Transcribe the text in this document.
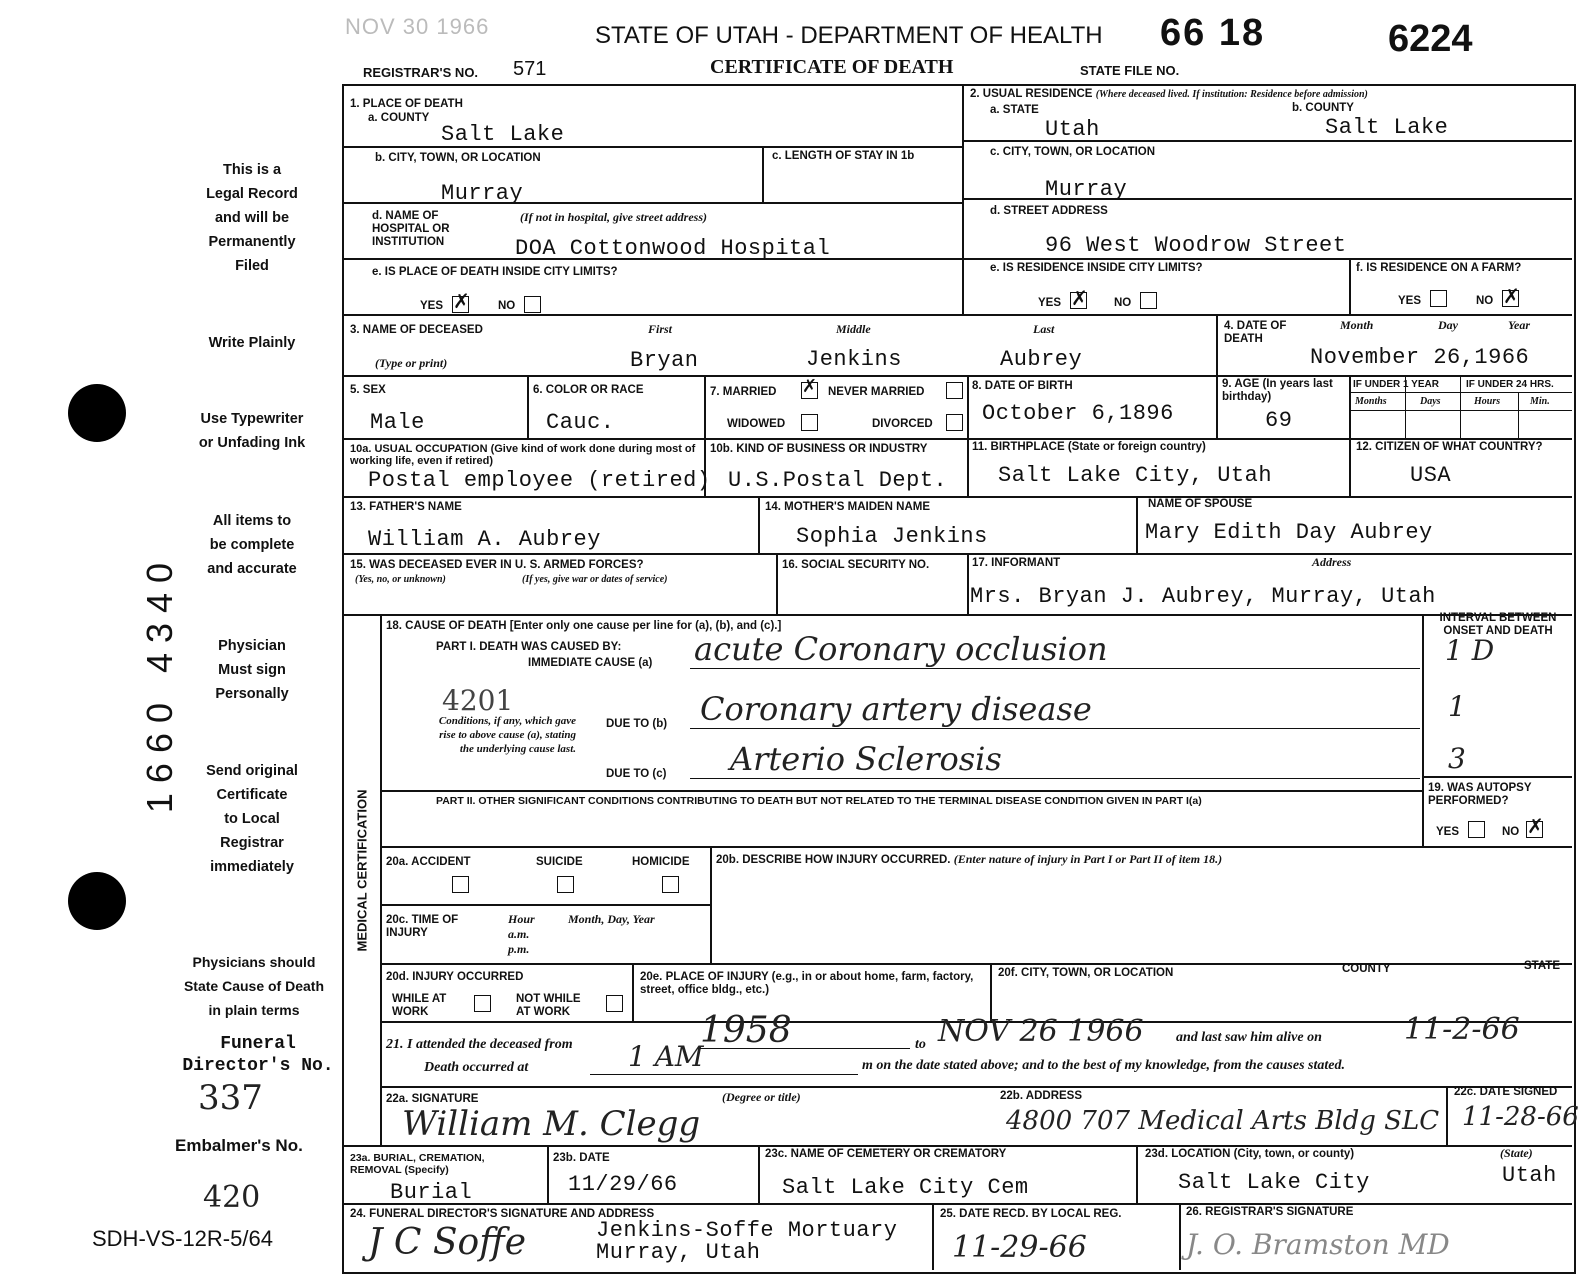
NOV 30 1966	STATE OF UTAH - DEPARTMENT OF HEALTH 66 18	6224
REGISTRAR'S NO. 571	CERTIFICATE OF DEATH	STATE FILE NO.
This is a
Legal Record
and will be
Permanently
Filed
Write Plainly
Use Typewriter
or Unfading Ink
All items to
be complete
and accurate
Physician
Must sign
Personally
Send original
Certificate
to Local
Registrar
immediately
Physicians should
State Cause of Death
in plain terms
Funeral
Director's No.
337
Embalmer's No.
420
SDH-VS-12R-5/64
1660 4340
1. PLACE OF DEATH
a. COUNTY
Salt Lake
2. USUAL RESIDENCE (Where deceased lived. If institution: Residence before admission)
a. STATE	b. COUNTY
Utah	Salt Lake
b. CITY, TOWN, OR LOCATION
Murray
c. LENGTH OF STAY IN 1b	c. CITY, TOWN, OR LOCATION
Murray
d. NAME OF HOSPITAL OR INSTITUTION
(If not in hospital, give street address)
DOA Cottonwood Hospital
d. STREET ADDRESS
96 West Woodrow Street
e. IS PLACE OF DEATH INSIDE CITY LIMITS?
YES ✗ NO
e. IS RESIDENCE INSIDE CITY LIMITS?
YES ✗ NO
f. IS RESIDENCE ON A FARM?
YES	NO ✗
3. NAME OF DECEASED
(Type or print)
First	Middle	Last
Bryan	Jenkins	Aubrey
4. DATE OF DEATH
Month	Day	Year
November 26,1966
5. SEX
Male
6. COLOR OR RACE
Cauc.
7. MARRIED ✗ NEVER MARRIED
WIDOWED	DIVORCED
8. DATE OF BIRTH
October 6,1896
9. AGE (In years last birthday)
69
IF UNDER 1 YEAR	IF UNDER 24 HRS.
Months	Days	Hours	Min.
10a. USUAL OCCUPATION (Give kind of work done during most of working life, even if retired)
Postal employee (retired)
10b. KIND OF BUSINESS OR INDUSTRY
U.S.Postal Dept.
11. BIRTHPLACE (State or foreign country)
Salt Lake City, Utah
12. CITIZEN OF WHAT COUNTRY?
USA
13. FATHER'S NAME
William A. Aubrey
14. MOTHER'S MAIDEN NAME
Sophia Jenkins
NAME OF SPOUSE
Mary Edith Day Aubrey
15. WAS DECEASED EVER IN U. S. ARMED FORCES?
(Yes, no, or unknown)	(If yes, give war or dates of service)
16. SOCIAL SECURITY NO.	17. INFORMANT	Address
Mrs. Bryan J. Aubrey, Murray, Utah
MEDICAL CERTIFICATION
18. CAUSE OF DEATH [Enter only one cause per line for (a), (b), and (c).]
INTERVAL BETWEEN ONSET AND DEATH
PART I. DEATH WAS CAUSED BY:
IMMEDIATE CAUSE (a) acute Coronary occlusion	1 D
4201
Conditions, if any, which gave rise to above cause (a), stating the underlying cause last.
DUE TO (b) Coronary artery disease	1
DUE TO (c) Arterio Sclerosis	3
PART II. OTHER SIGNIFICANT CONDITIONS CONTRIBUTING TO DEATH BUT NOT RELATED TO THE TERMINAL DISEASE CONDITION GIVEN IN PART I(a)
19. WAS AUTOPSY PERFORMED?
YES	NO ✗
20a. ACCIDENT	SUICIDE	HOMICIDE 20b. DESCRIBE HOW INJURY OCCURRED. (Enter nature of injury in Part I or Part II of item 18.)
20c. TIME OF INJURY
Hour a.m. p.m.
Month, Day, Year
20d. INJURY OCCURRED
WHILE AT WORK
NOT WHILE AT WORK
20e. PLACE OF INJURY (e.g., in or about home, farm, factory, street, office bldg., etc.)
20f. CITY, TOWN, OR LOCATION	COUNTY	STATE
21. I attended the deceased from	1958	to NOV 26 1966 and last saw him alive on	11-2-66
Death occurred at	1 AM	m on the date stated above; and to the best of my knowledge, from the causes stated.
22a. SIGNATURE	(Degree or title)
William M. Clegg
22b. ADDRESS
4800 707 Medical Arts Bldg SLC
22c. DATE SIGNED
11-28-66
23a. BURIAL, CREMATION, REMOVAL (Specify)
Burial
23b. DATE
11/29/66
23c. NAME OF CEMETERY OR CREMATORY
Salt Lake City Cem
23d. LOCATION (City, town, or county)
Salt Lake City
(State)
Utah
24. FUNERAL DIRECTOR'S SIGNATURE AND ADDRESS
J C Soffe	Jenkins-Soffe Mortuary
Murray, Utah
25. DATE RECD. BY LOCAL REG.
11-29-66
26. REGISTRAR'S SIGNATURE
J. O. Bramston MD
